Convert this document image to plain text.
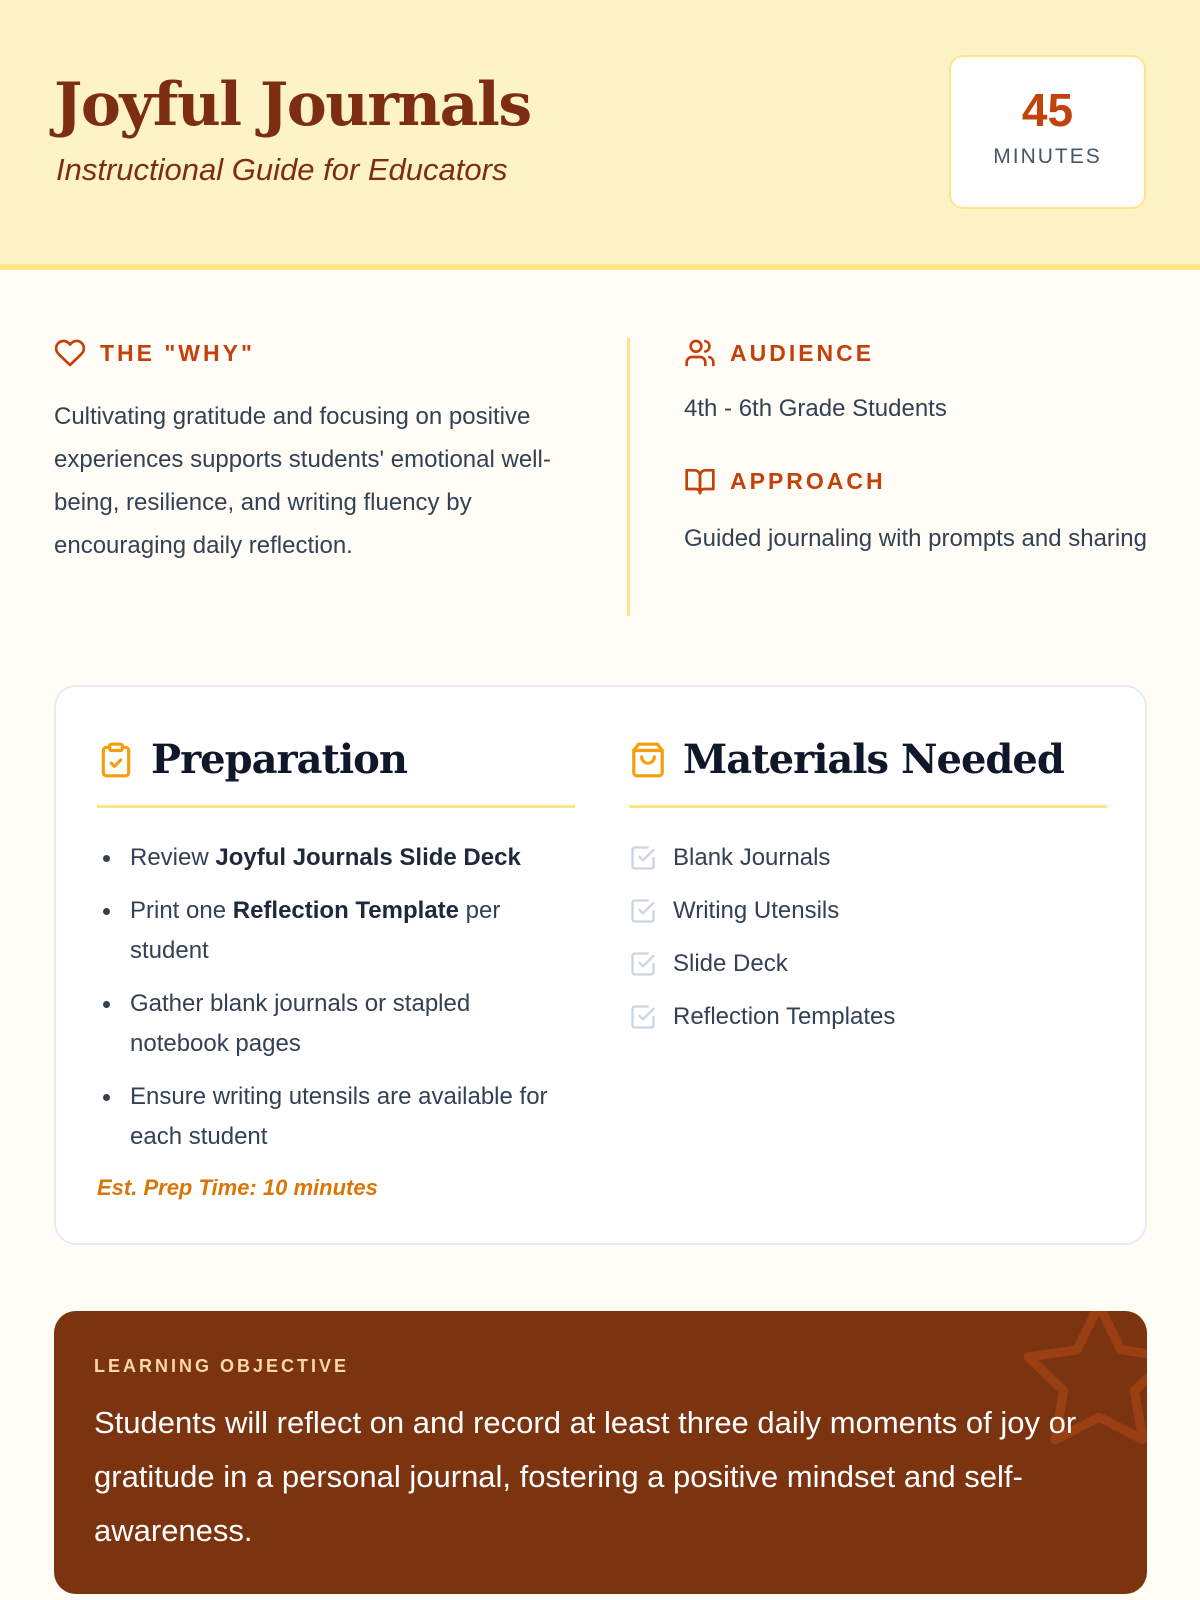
Joyful Journals
Instructional Guide for Educators
45
MINUTES
THE "WHY"

Cultivating gratitude and focusing on positive experiences supports students' emotional well-being, resilience, and writing fluency by encouraging daily reflection.

AUDIENCE

4th - 6th Grade Students

APPROACH

Guided journaling with prompts and sharing

Preparation
Review Joyful Journals Slide Deck
Print one Reflection Template per student
Gather blank journals or stapled notebook pages
Ensure writing utensils are available for each student
Est. Prep Time: 10 minutes
Materials Needed
Blank Journals
Writing Utensils
Slide Deck
Reflection Templates
LEARNING OBJECTIVE

Students will reflect on and record at least three daily moments of joy or gratitude in a personal journal, fostering a positive mindset and self-awareness.
